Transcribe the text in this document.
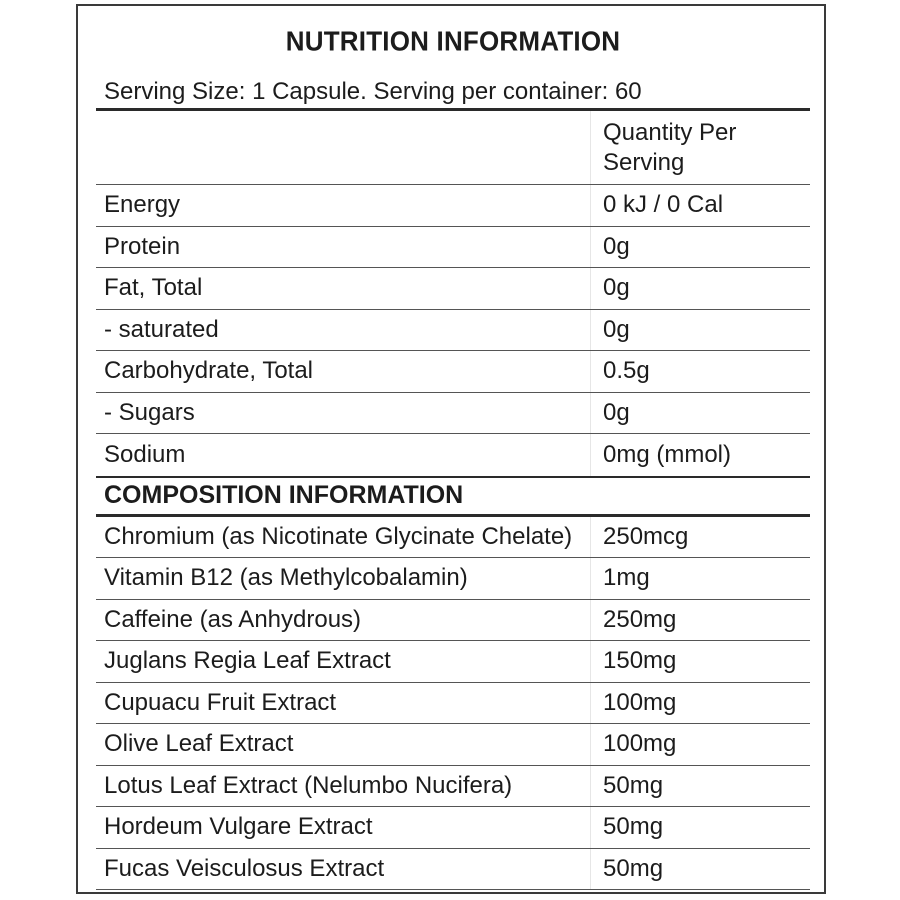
NUTRITION INFORMATION
Serving Size: 1 Capsule. Serving per container: 60
Quantity Per
Serving
Energy	0 kJ / 0 Cal
Protein	0g
Fat, Total	0g
- saturated	0g
Carbohydrate, Total	0.5g
- Sugars	0g
Sodium	0mg (mmol)
COMPOSITION INFORMATION
Chromium (as Nicotinate Glycinate Chelate)	250mcg
Vitamin B12 (as Methylcobalamin)	1mg
Caffeine (as Anhydrous)	250mg
Juglans Regia Leaf Extract	150mg
Cupuacu Fruit Extract	100mg
Olive Leaf Extract	100mg
Lotus Leaf Extract (Nelumbo Nucifera)	50mg
Hordeum Vulgare Extract	50mg
Fucas Veisculosus Extract	50mg
